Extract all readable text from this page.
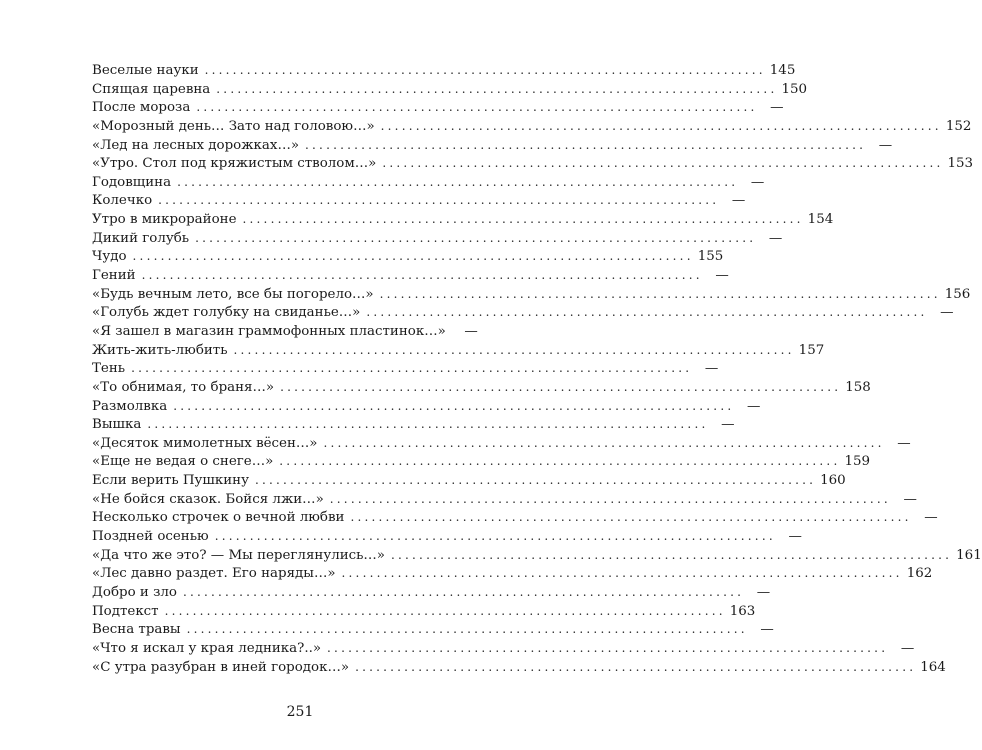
Веселые науки ................................................................................ 145
Спящая царевна ................................................................................ 150
После мороза ................................................................................ —
«Морозный день… Зато над головою…» ................................................................................ 152
«Лед на лесных дорожках…» ................................................................................ —
«Утро. Стол под кряжистым стволом…» ................................................................................ 153
Годовщина ................................................................................ —
Колечко ................................................................................ —
Утро в микрорайоне ................................................................................ 154
Дикий голубь ................................................................................ —
Чудо ................................................................................ 155
Гений ................................................................................ —
«Будь вечным лето, все бы погорело…» ................................................................................ 156
«Голубь ждет голубку на свиданье…» ................................................................................ —
«Я зашел в магазин граммофонных пластинок…»	—
Жить-жить-любить ................................................................................ 157
Тень ................................................................................ —
«То обнимая, то браня…» ................................................................................ 158
Размолвка ................................................................................ —
Вышка ................................................................................ —
«Десяток мимолетных вёсен…» ................................................................................ —
«Еще не ведая о снеге…» ................................................................................ 159
Если верить Пушкину ................................................................................ 160
«Не бойся сказок. Бойся лжи…» ................................................................................ —
Несколько строчек о вечной любви ................................................................................ —
Поздней осенью ................................................................................ —
«Да что же это? — Мы переглянулись…» ................................................................................ 161
«Лес давно раздет. Его наряды…» ................................................................................ 162
Добро и зло ................................................................................ —
Подтекст ................................................................................ 163
Весна травы ................................................................................ —
«Что я искал у края ледника?..» ................................................................................ —
«С утра разубран в иней городок…» ................................................................................ 164
251
